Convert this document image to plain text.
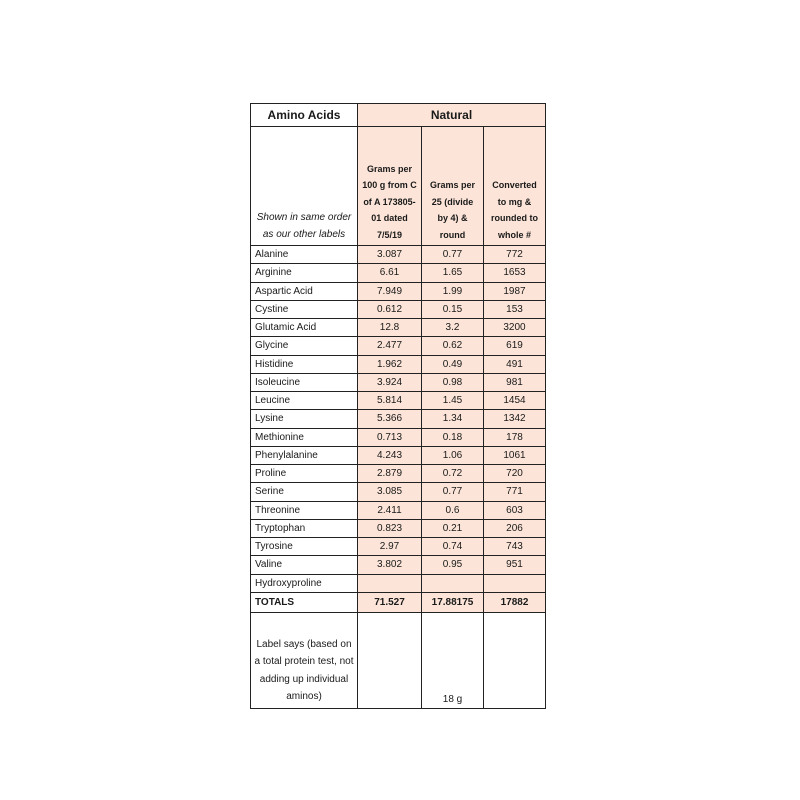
Amino Acids	Natural		
Shown in same order as our other labels	Grams per 100 g from C of A 173805-01 dated 7/5/19	Grams per 25 (divide by 4) & round	Converted to mg & rounded to whole #
Alanine	3.087	0.77	772
Arginine	6.61	1.65	1653
Aspartic Acid	7.949	1.99	1987
Cystine	0.612	0.15	153
Glutamic Acid	12.8	3.2	3200
Glycine	2.477	0.62	619
Histidine	1.962	0.49	491
Isoleucine	3.924	0.98	981
Leucine	5.814	1.45	1454
Lysine	5.366	1.34	1342
Methionine	0.713	0.18	178
Phenylalanine	4.243	1.06	1061
Proline	2.879	0.72	720
Serine	3.085	0.77	771
Threonine	2.411	0.6	603
Tryptophan	0.823	0.21	206
Tyrosine	2.97	0.74	743
Valine	3.802	0.95	951
Hydroxyproline			
TOTALS	71.527	17.88175	17882
Label says (based on a total protein test, not adding up individual aminos)		18 g	
